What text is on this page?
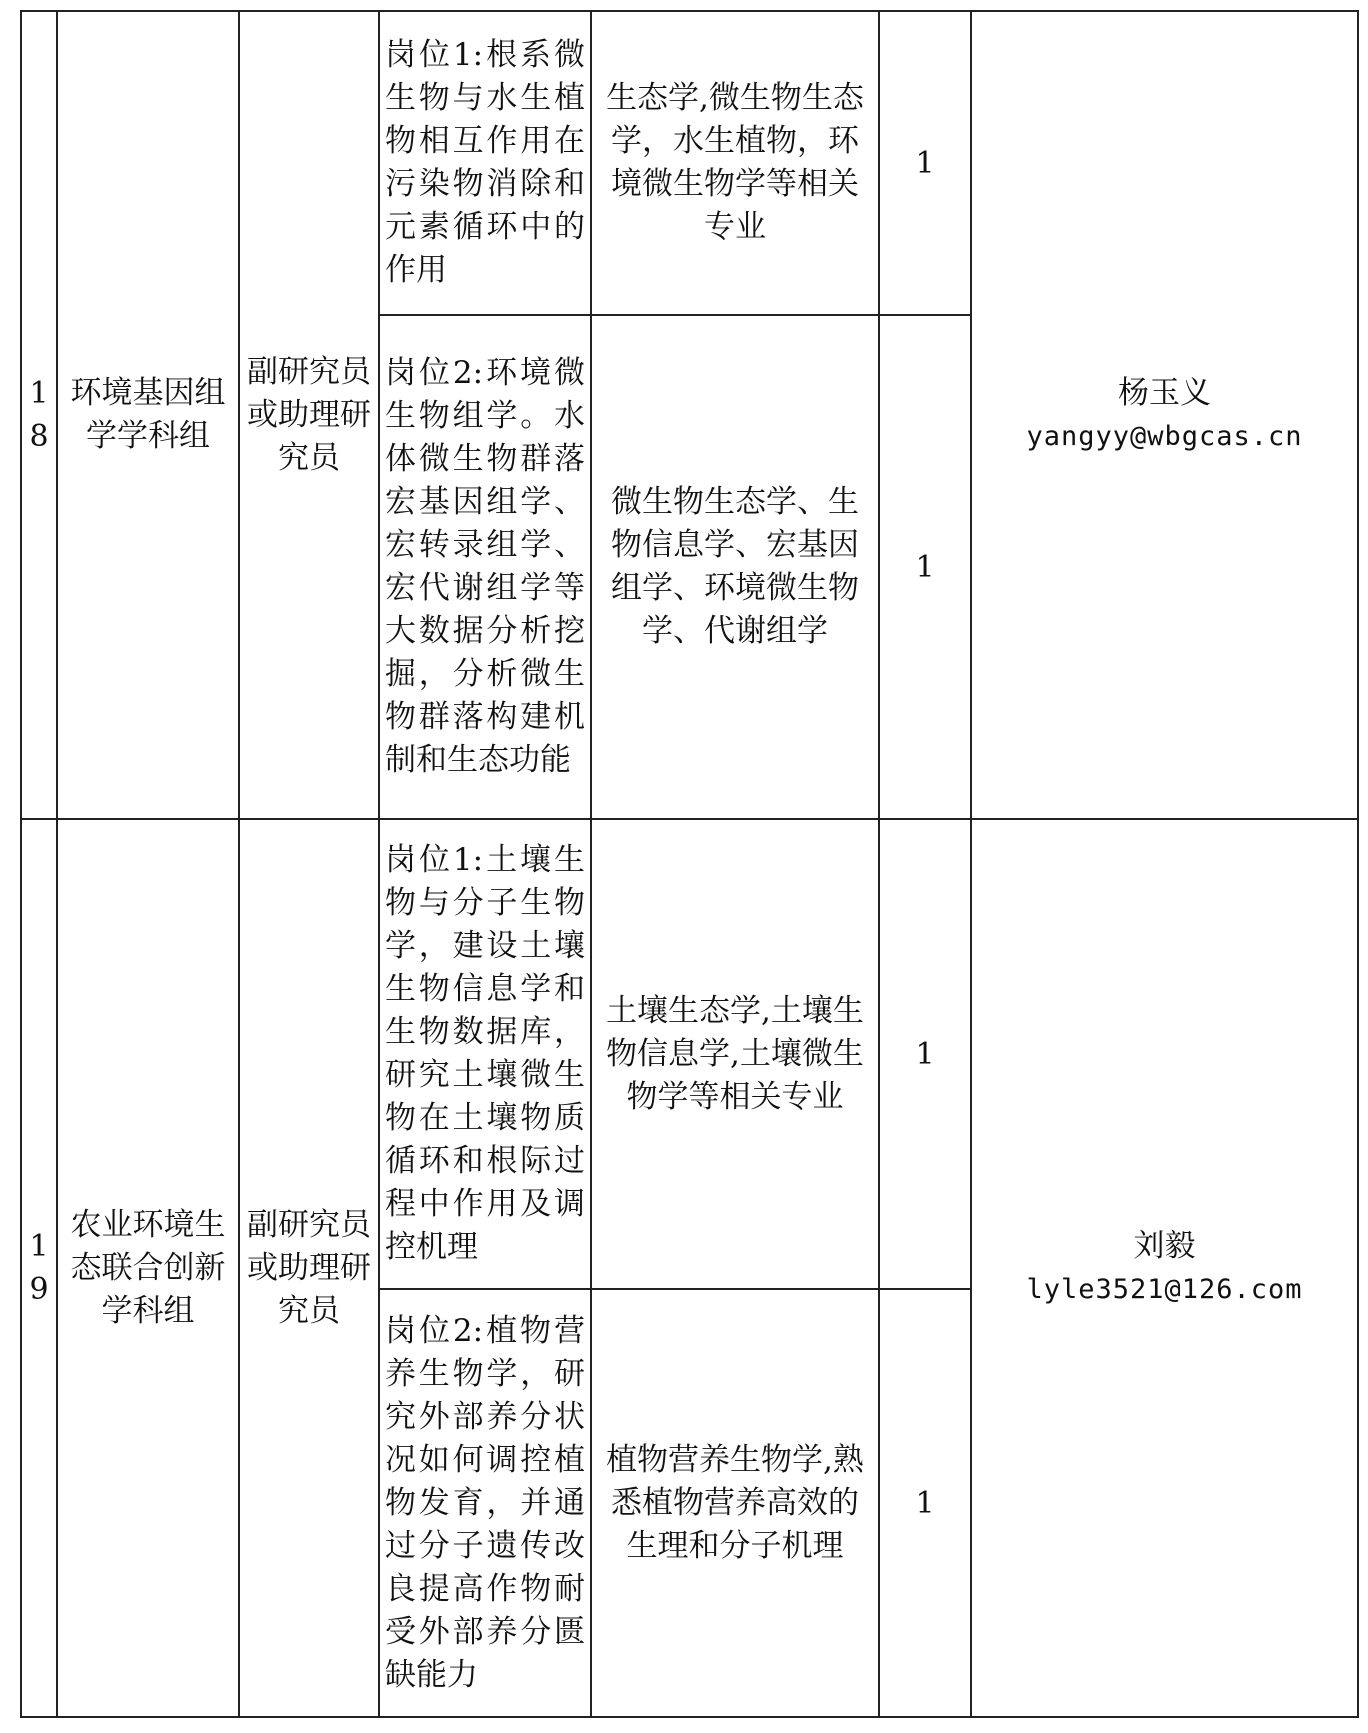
18	环境基因组学学科组	副研究员或助理研究员	岗位1:根系微生物与水生植物相互作用在污染物消除和元素循环中的作用	生态学,微生物生态学，水生植物，环境微生物学等相关专业	1	杨玉义
yangyy@wbgcas.cn

			岗位2:环境微生物组学。水体微生物群落宏基因组学、宏转录组学、宏代谢组学等大数据分析挖掘，分析微生物群落构建机制和生态功能	微生物生态学、生物信息学、宏基因组学、环境微生物学、代谢组学	1	
19	农业环境生态联合创新学科组	副研究员或助理研究员	岗位1:土壤生物与分子生物学，建设土壤生物信息学和生物数据库，研究土壤微生物在土壤物质循环和根际过程中作用及调控机理	土壤生态学,土壤生物信息学,土壤微生物学等相关专业	1	刘毅
lyle3521@126.com

			岗位2:植物营养生物学，研究外部养分状况如何调控植物发育，并通过分子遗传改良提高作物耐受外部养分匮缺能力	植物营养生物学,熟悉植物营养高效的生理和分子机理	1	
